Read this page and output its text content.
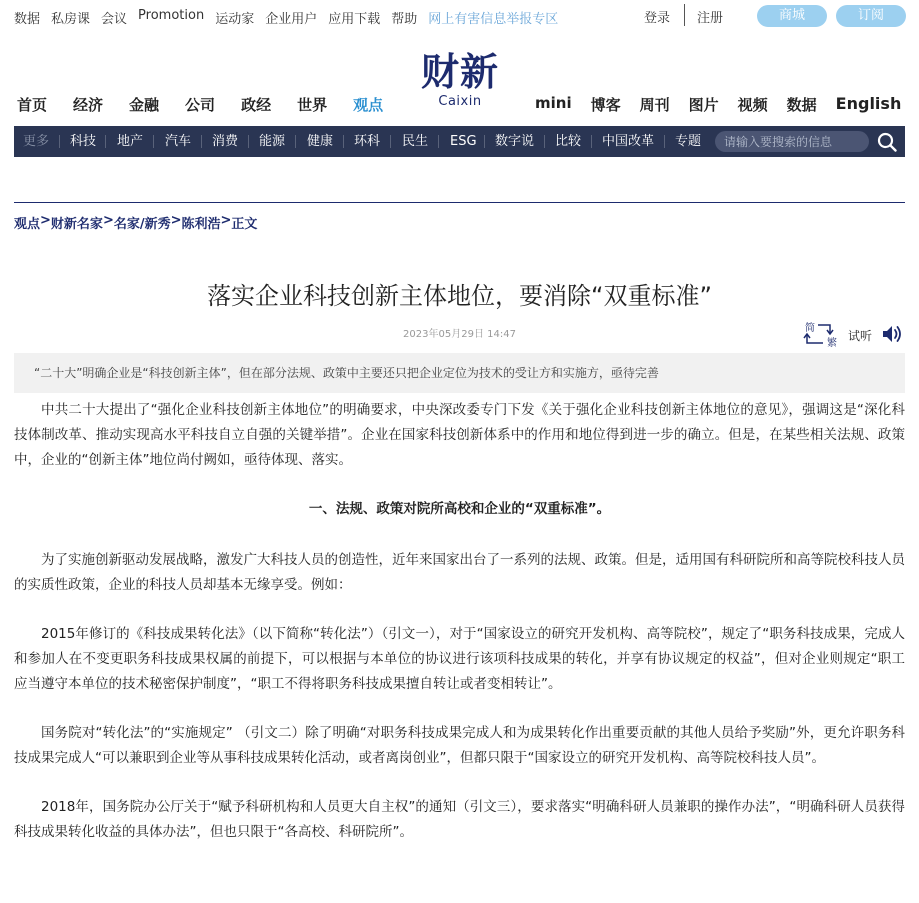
数据 私房课 会议 Promotion 运动家 企业用户 应用下载 帮助 网上有害信息举报专区	登录 注册	商城	订阅
财新
Caixin
首页 经济 金融 公司 政经 世界 观点	mini 博客 周刊 图片 视频 数据 English
更多 科技 地产 汽车 消费 能源 健康 环科 民生 ESG 数字说 比较 中国改革 专题
请输入要搜索的信息
观点 > 财新名家 > 名家/新秀 > 陈利浩 > 正文
落实企业科技创新主体地位，要消除“双重标准”
2023年05月29日 14:47
简
繁
试听
“二十大”明确企业是“科技创新主体”，但在部分法规、政策中主要还只把企业定位为技术的受让方和实施方，亟待完善

中共二十大提出了“强化企业科技创新主体地位”的明确要求，中央深改委专门下发《关于强化企业科技创新主体地位的意见》，强调这是“深化科技体制改革、推动实现高水平科技自立自强的关键举措”。企业在国家科技创新体系中的作用和地位得到进一步的确立。但是，在某些相关法规、政策中，企业的“创新主体”地位尚付阙如，亟待体现、落实。

一、法规、政策对院所高校和企业的“双重标准”。

为了实施创新驱动发展战略，激发广大科技人员的创造性，近年来国家出台了一系列的法规、政策。但是，适用国有科研院所和高等院校科技人员的实质性政策，企业的科技人员却基本无缘享受。例如：

2015年修订的《科技成果转化法》（以下简称“转化法”）（引文一），对于“国家设立的研究开发机构、高等院校”，规定了“职务科技成果，完成人和参加人在不变更职务科技成果权属的前提下，可以根据与本单位的协议进行该项科技成果的转化，并享有协议规定的权益”，但对企业则规定“职工应当遵守本单位的技术秘密保护制度”，“职工不得将职务科技成果擅自转让或者变相转让”。

国务院对“转化法”的“实施规定” （引文二）除了明确“对职务科技成果完成人和为成果转化作出重要贡献的其他人员给予奖励”外，更允许职务科技成果完成人“可以兼职到企业等从事科技成果转化活动，或者离岗创业”，但都只限于“国家设立的研究开发机构、高等院校科技人员”。

2018年，国务院办公厅关于“赋予科研机构和人员更大自主权”的通知（引文三），要求落实“明确科研人员兼职的操作办法”，“明确科研人员获得科技成果转化收益的具体办法”，但也只限于“各高校、科研院所”。
